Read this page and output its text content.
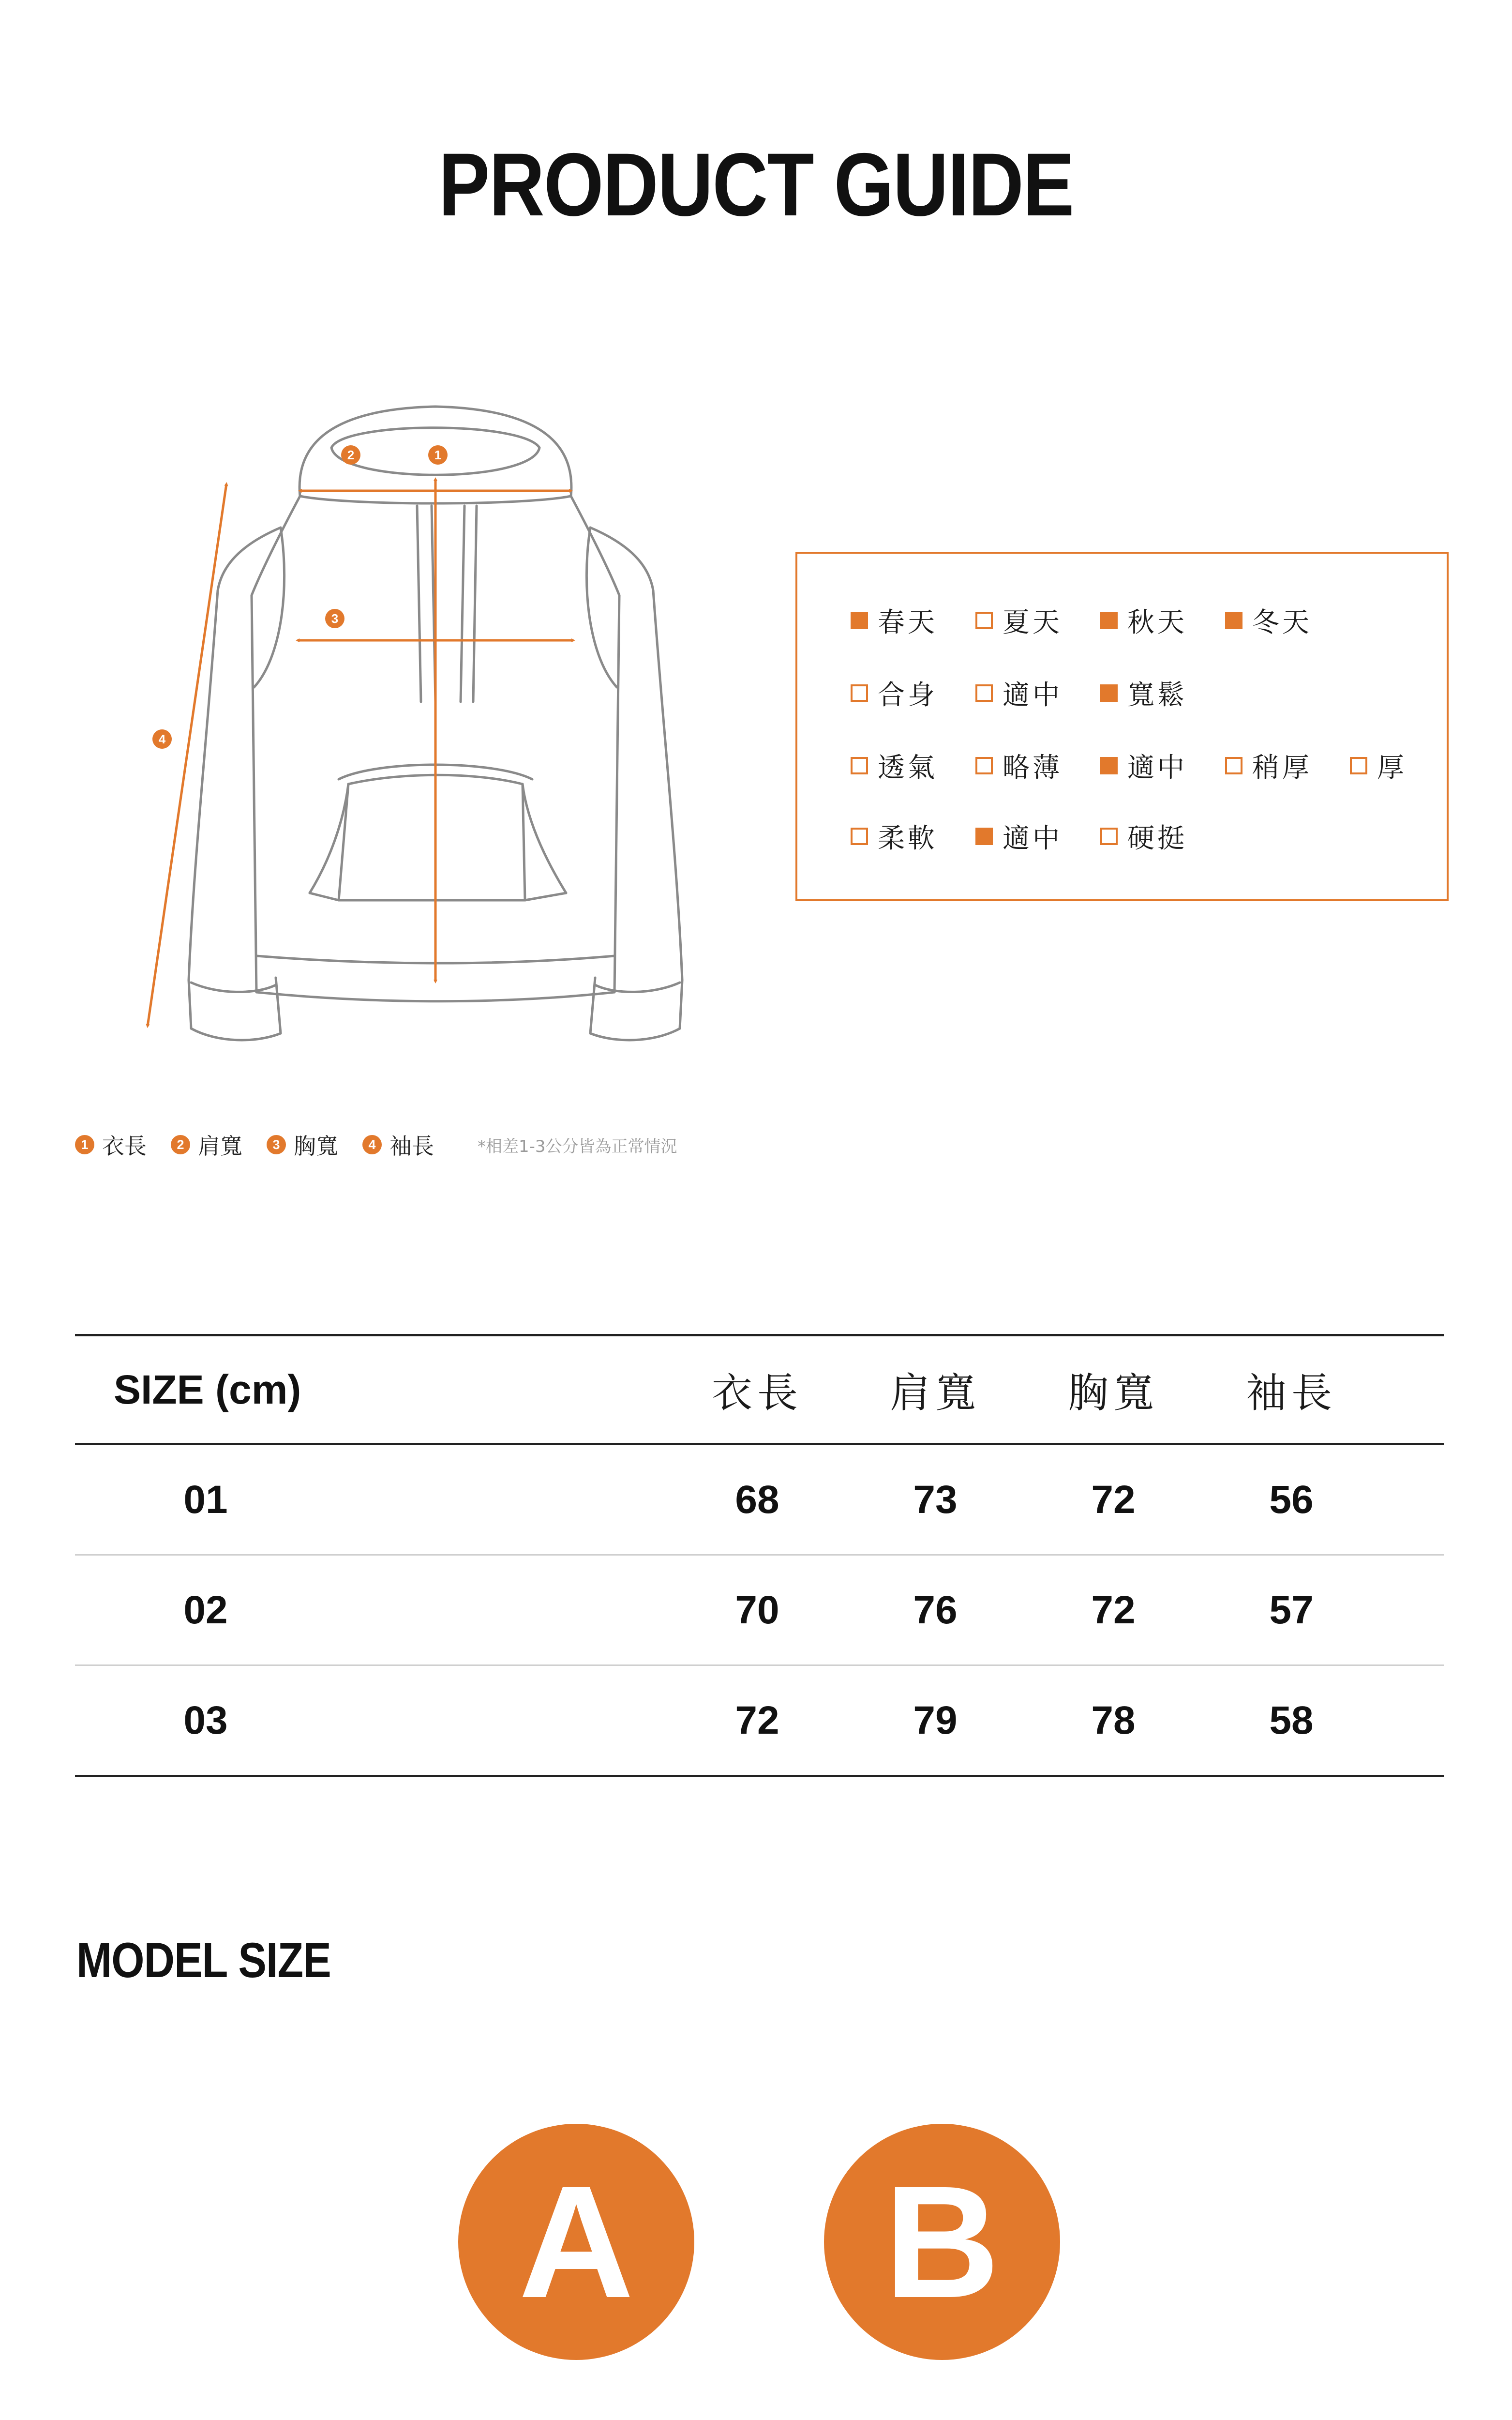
PRODUCT GUIDE
1
2
3
4
1 衣長	2 肩寬	3 胸寬	4 袖長	*相差1-3公分皆為正常情況
春天 夏天 秋天 冬天
合身 適中 寬鬆
透氣 略薄 適中 稍厚 厚
柔軟 適中 硬挺
SIZE (cm)	衣長	肩寬	胸寬	袖長
01	68	73	72	56
02	70	76	72	57
03	72	79	78	58
MODEL SIZE
A	B
